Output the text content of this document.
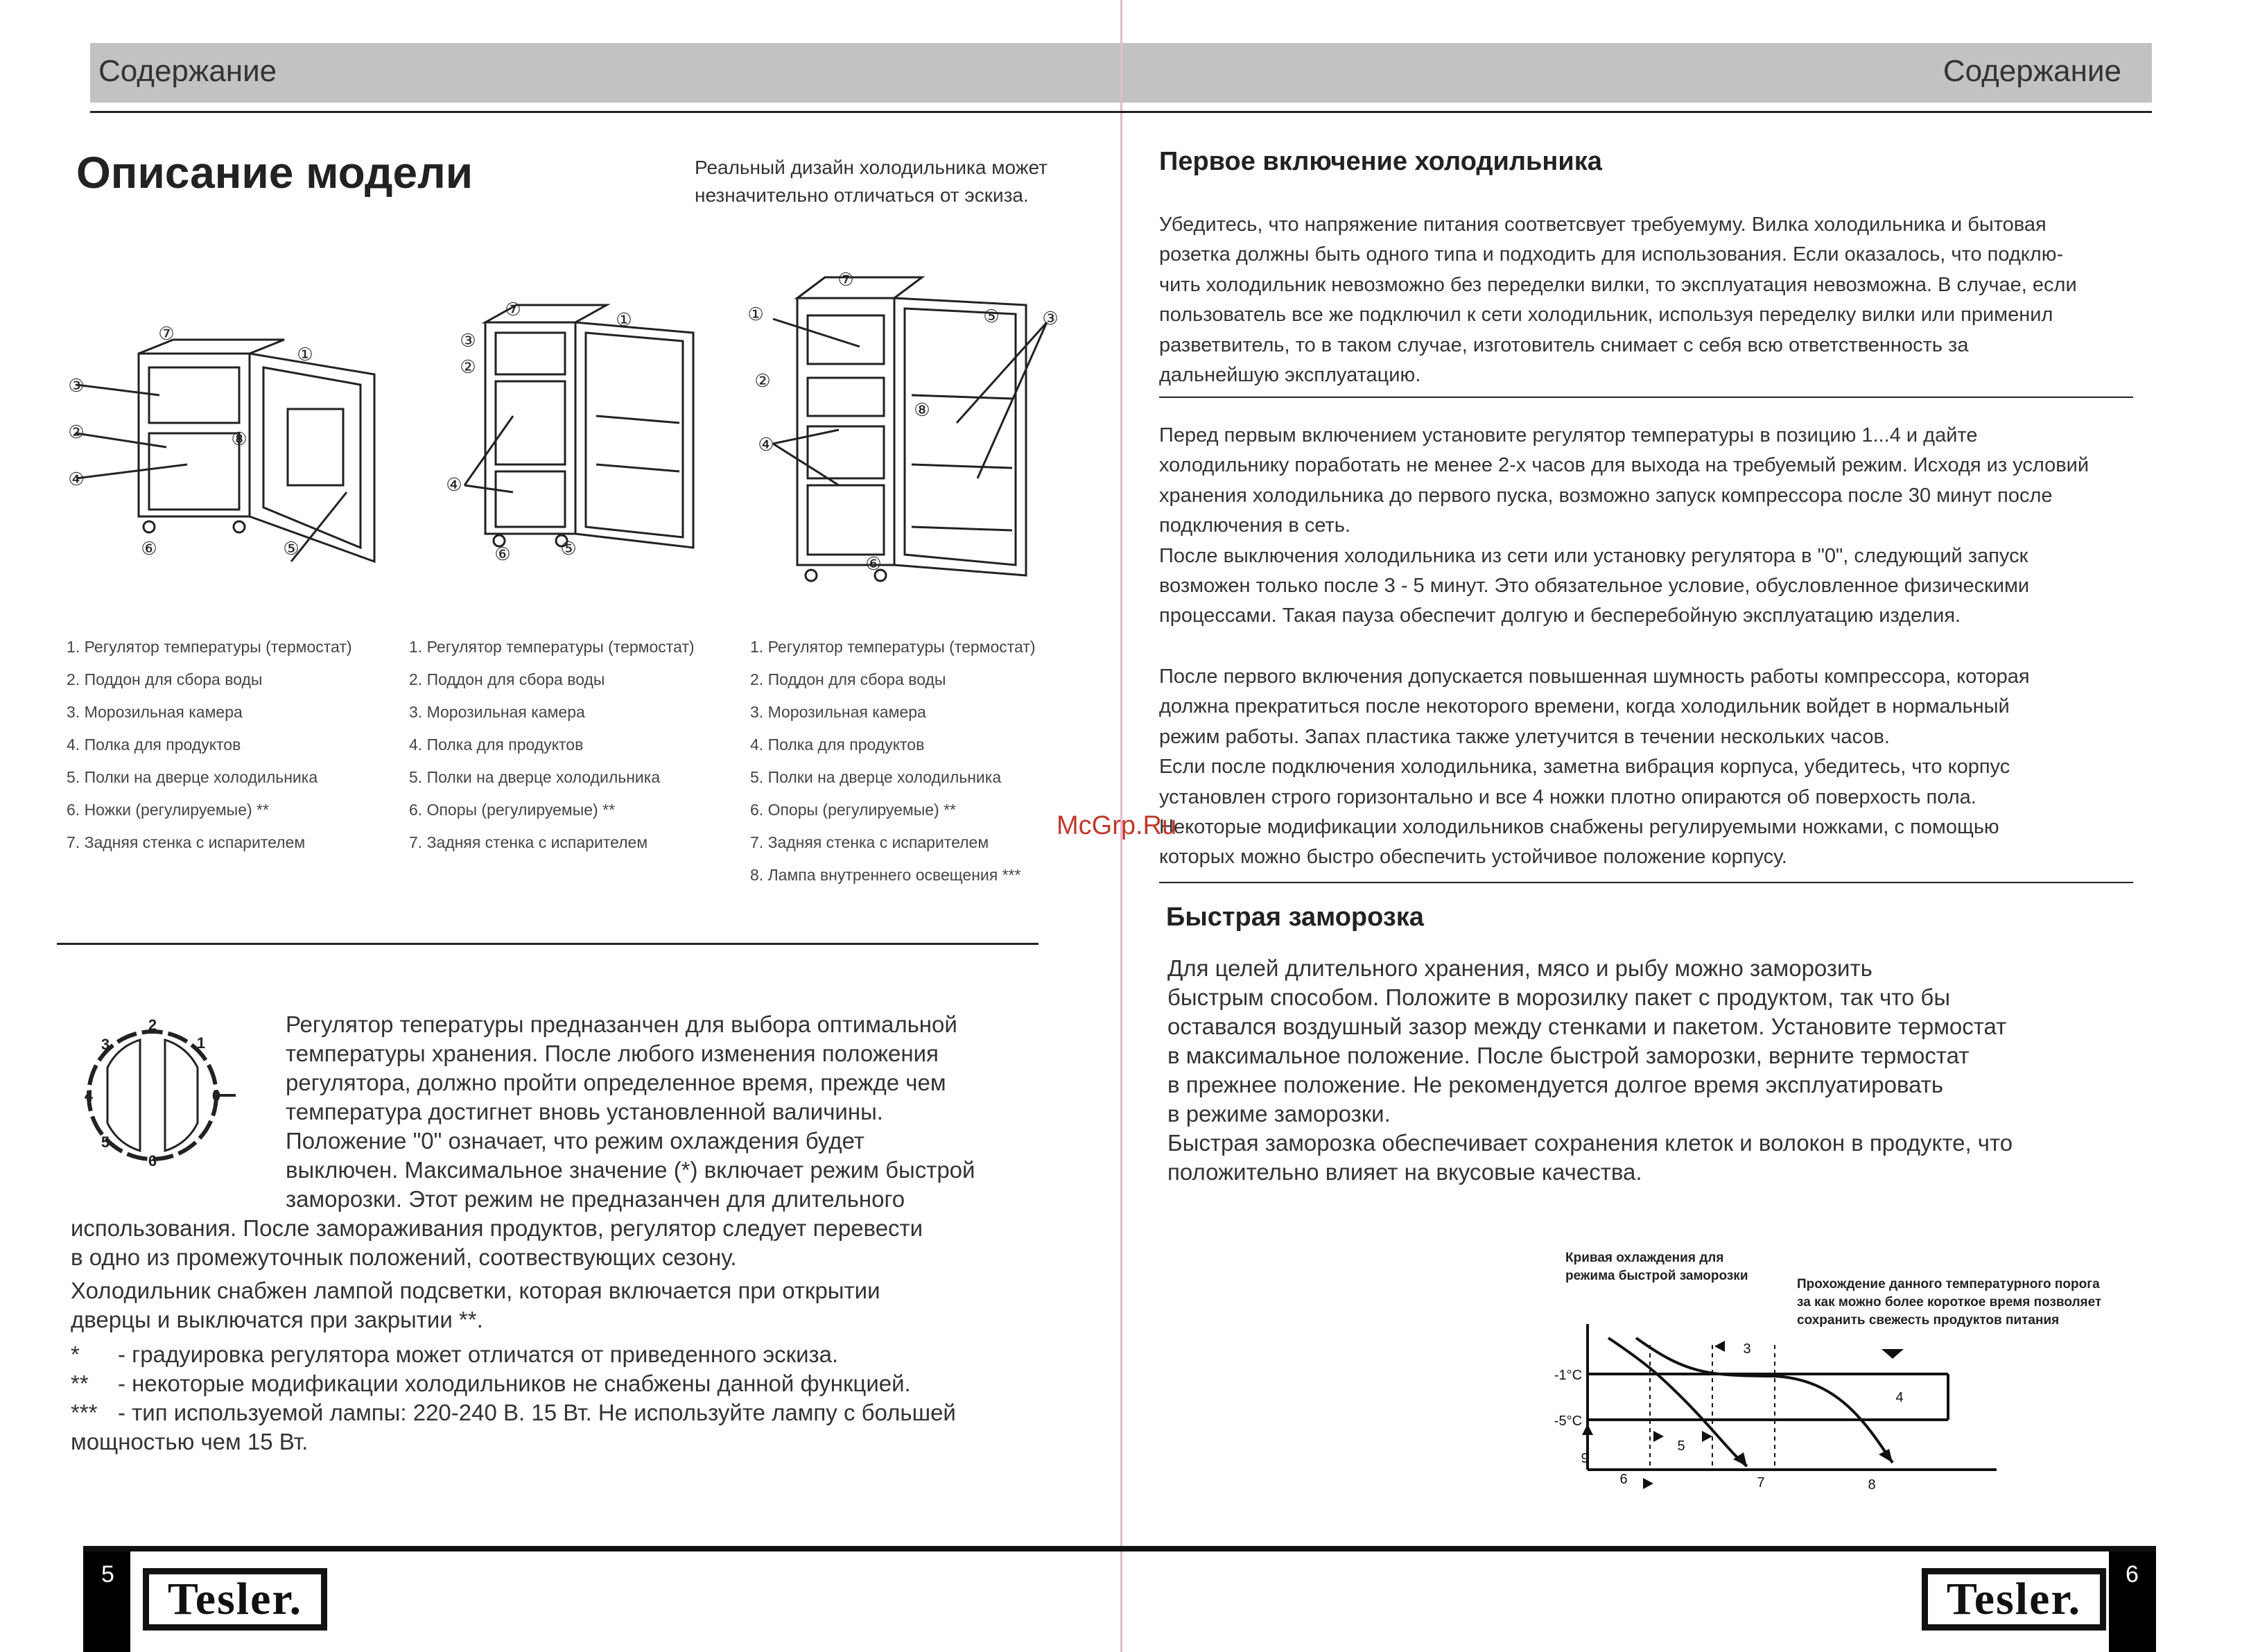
Содержание	Содержание
Описание модели	Реальный дизайн холодильника может
незначительно отличаться от эскиза.
⑦
①
③
②	⑧
④
⑤
⑥
⑦	①
③
②
④
⑥	⑤
⑦
①	⑤ ③
②
⑧
④
⑥
1. Регулятор температуры (термостат)
2. Поддон для сбора воды
3. Морозильная камера
4. Полка для продуктов
5. Полки на дверце холодильника
6. Ножки (регулируемые) **
7. Задняя стенка с испарителем
1. Регулятор температуры (термостат)
2. Поддон для сбора воды
3. Морозильная камера
4. Полка для продуктов
5. Полки на дверце холодильника
6. Опоры (регулируемые) **
7. Задняя стенка с испарителем
1. Регулятор температуры (термостат)
2. Поддон для сбора воды
3. Морозильная камера
4. Полка для продуктов
5. Полки на дверце холодильника
6. Опоры (регулируемые) **
7. Задняя стенка с испарителем
8. Лампа внутреннего освещения ***
1
2
3
4
5
6
0
Регулятор тепературы предназанчен для выбора оптимальной
температуры хранения. После любого изменения положения
регулятора, должно пройти определенное время, прежде чем
температура достигнет вновь установленной валичины.
Положение "0" означает, что режим охлаждения будет
выключен. Максимальное значение (*) включает режим быстрой
заморозки. Этот режим не предназанчен для длительного
использования. После замораживания продуктов, регулятор следует перевести
в одно из промежуточнык положений, соотвествующих сезону.
Холодильник снабжен лампой подсветки, которая включается при открытии
дверцы и выключатся при закрытии **.
* - градуировка регулятора может отличатся от приведенного эскиза.
** - некоторые модификации холодильников не снабжены данной функцией.
*** - тип используемой лампы: 220-240 В. 15 Вт. Не используйте лампу с большей
мощностью чем 15 Вт.
Первое включение холодильника
Убедитесь, что напряжение питания соответсвует требуемуму. Вилка холодильника и бытовая
розетка должны быть одного типа и подходить для использования. Если оказалось, что подклю-
чить холодильник невозможно без переделки вилки, то эксплуатация невозможна. В случае, если
пользователь все же подключил к сети холодильник, используя переделку вилки или применил
разветвитель, то в таком случае, изготовитель снимает с себя всю ответственность за
дальнейшую эксплуатацию.
Перед первым включением установите регулятор температуры в позицию 1...4 и дайте
холодильнику поработать не менее 2-х часов для выхода на требуемый режим. Исходя из условий
хранения холодильника до первого пуска, возможно запуск компрессора после 30 минут после
подключения в сеть.
После выключения холодильника из сети или установку регулятора в "0", следующий запуск
возможен только после 3 - 5 минут. Это обязательное условие, обусловленное физическими
процессами. Такая пауза обеспечит долгую и бесперебойную эксплуатацию изделия.
После первого включения допускается повышенная шумность работы компрессора, которая
должна прекратиться после некоторого времени, когда холодильник войдет в нормальный
режим работы. Запах пластика также улетучится в течении нескольких часов.
Если после подключения холодильника, заметна вибрация корпуса, убедитесь, что корпус
установлен строго горизонтально и все 4 ножки плотно опираются об поверхость пола.
Некоторые модификации холодильников снабжены регулируемыми ножками, с помощью
которых можно быстро обеспечить устойчивое положение корпусу.
Быстрая заморозка
Для целей длительного хранения, мясо и рыбу можно заморозить
быстрым способом. Положите в морозилку пакет с продуктом, так что бы
оставался воздушный зазор между стенками и пакетом. Установите термостат
в максимальное положение. После быстрой заморозки, верните термостат
в прежнее положение. Не рекомендуется долгое время эксплуатировать
в режиме заморозки.
Быстрая заморозка обеспечивает сохранения клеток и волокон в продукте, что
положительно влияет на вкусовые качества.
Кривая охлаждения для
режима быстрой заморозки
Прохождение данного температурного порога
за как можно более короткое время позволяет
сохранить свежесть продуктов питания
-1°C
-5°C
3
4
5
6	7	8
9
McGrp.Ru
5	6
Tesler.	Tesler.
